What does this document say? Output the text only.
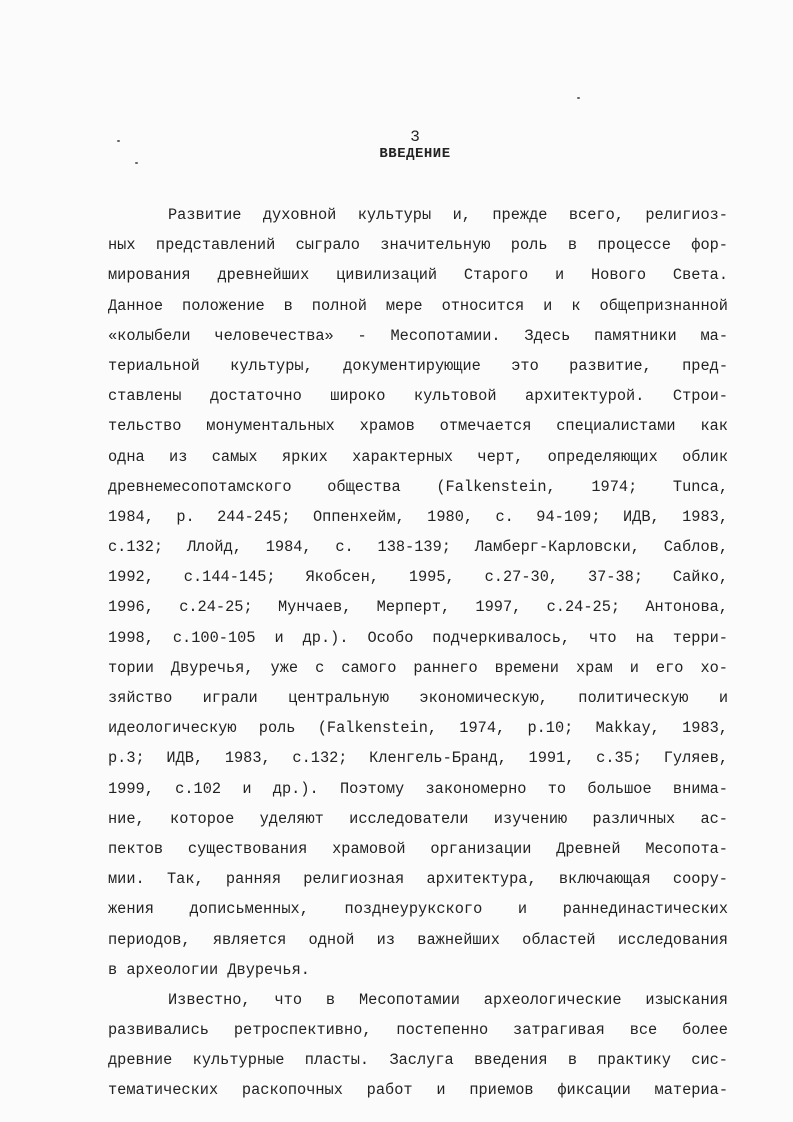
3
ВВЕДЕНИЕ
Развитие духовной культуры и, прежде всего, религиоз-
ных представлений сыграло значительную роль в процессе фор-
мирования древнейших цивилизаций Старого и Нового Света.
Данное положение в полной мере относится и к общепризнанной
«колыбели человечества» - Месопотамии. Здесь памятники ма-
териальной культуры, документирующие это развитие, пред-
ставлены достаточно широко культовой архитектурой. Строи-
тельство монументальных храмов отмечается специалистами как
одна из самых ярких характерных черт, определяющих облик
древнемесопотамского общества (Falkenstein, 1974; Tunca,
1984, p. 244-245; Оппенхейм, 1980, с. 94-109; ИДВ, 1983,
с.132; Ллойд, 1984, с. 138-139; Ламберг-Карловски, Саблов,
1992, с.144-145; Якобсен, 1995, с.27-30, 37-38; Сайко,
1996, с.24-25; Мунчаев, Мерперт, 1997, с.24-25; Антонова,
1998, с.100-105 и др.). Особо подчеркивалось, что на терри-
тории Двуречья, уже с самого раннего времени храм и его хо-
зяйство играли центральную экономическую, политическую и
идеологическую роль (Falkenstein, 1974, p.10; Makkay, 1983,
p.3; ИДВ, 1983, с.132; Кленгель-Бранд, 1991, с.35; Гуляев,
1999, с.102 и др.). Поэтому закономерно то большое внима-
ние, которое уделяют исследователи изучению различных ас-
пектов существования храмовой организации Древней Месопота-
мии. Так, ранняя религиозная архитектура, включающая соору-
жения дописьменных, позднеурукского и раннединастических
периодов, является одной из важнейших областей исследования
в археологии Двуречья.
Известно, что в Месопотамии археологические изыскания
развивались ретроспективно, постепенно затрагивая все более
древние культурные пласты. Заслуга введения в практику сис-
тематических раскопочных работ и приемов фиксации материа-
